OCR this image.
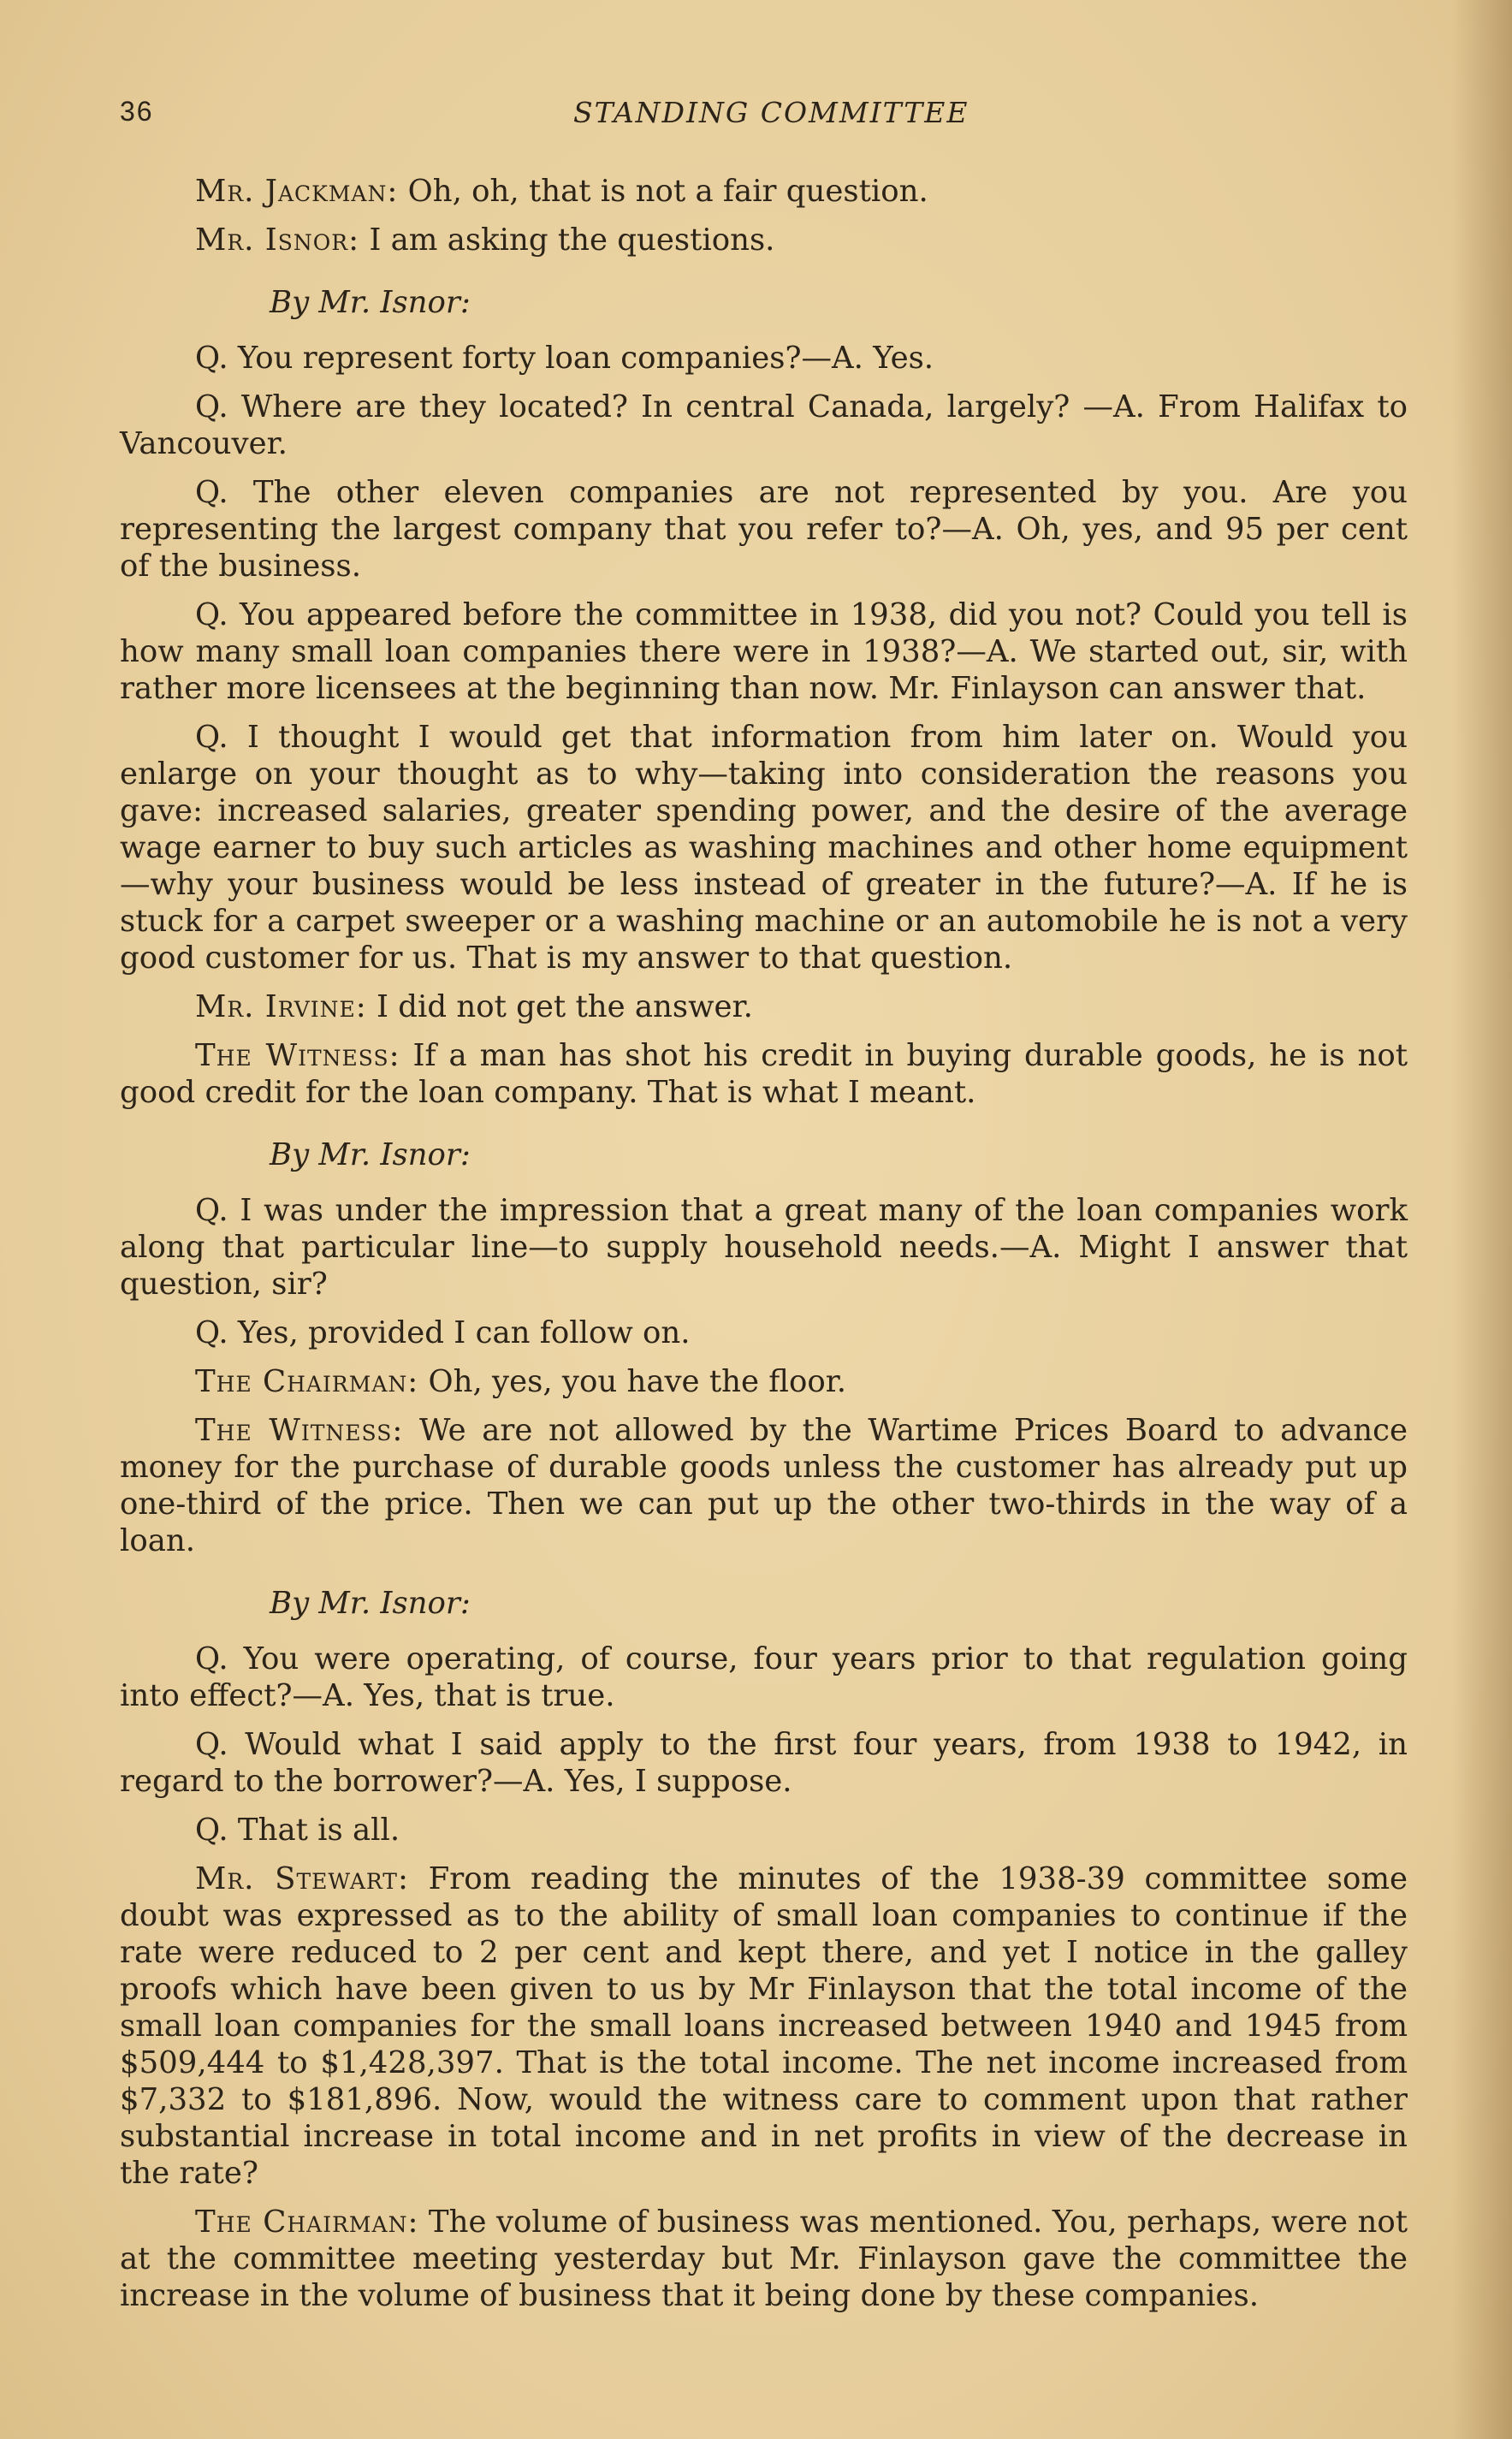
36	STANDING COMMITTEE

Mr. Jackman: Oh, oh, that is not a fair question.

Mr. Isnor: I am asking the questions.

By Mr. Isnor:

Q. You represent forty loan companies?—A. Yes.

Q. Where are they located? In central Canada, largely? —A. From Halifax to Vancouver.

Q. The other eleven companies are not represented by you. Are you representing the largest company that you refer to?—A. Oh, yes, and 95 per cent of the business.

Q. You appeared before the committee in 1938, did you not? Could you tell is how many small loan companies there were in 1938?—A. We started out, sir, with rather more licensees at the beginning than now. Mr. Finlayson can answer that.

Q. I thought I would get that information from him later on. Would you enlarge on your thought as to why—taking into consideration the reasons you gave: increased salaries, greater spending power, and the desire of the average wage earner to buy such articles as washing machines and other home equipment —why your business would be less instead of greater in the future?—A. If he is stuck for a carpet sweeper or a washing machine or an automobile he is not a very good customer for us. That is my answer to that question.

Mr. Irvine: I did not get the answer.

The Witness: If a man has shot his credit in buying durable goods, he is not good credit for the loan company. That is what I meant.

By Mr. Isnor:

Q. I was under the impression that a great many of the loan companies work along that particular line—to supply household needs.—A. Might I answer that question, sir?

Q. Yes, provided I can follow on.

The Chairman: Oh, yes, you have the floor.

The Witness: We are not allowed by the Wartime Prices Board to advance money for the purchase of durable goods unless the customer has already put up one-third of the price. Then we can put up the other two-thirds in the way of a loan.

By Mr. Isnor:

Q. You were operating, of course, four years prior to that regulation going into effect?—A. Yes, that is true.

Q. Would what I said apply to the first four years, from 1938 to 1942, in regard to the borrower?—A. Yes, I suppose.

Q. That is all.

Mr. Stewart: From reading the minutes of the 1938-39 committee some doubt was expressed as to the ability of small loan companies to continue if the rate were reduced to 2 per cent and kept there, and yet I notice in the galley proofs which have been given to us by Mr Finlayson that the total income of the small loan companies for the small loans increased between 1940 and 1945 from $509,444 to $1,428,397. That is the total income. The net income increased from $7,332 to $181,896. Now, would the witness care to comment upon that rather substantial increase in total income and in net profits in view of the decrease in the rate?

The Chairman: The volume of business was mentioned. You, perhaps, were not at the committee meeting yesterday but Mr. Finlayson gave the committee the increase in the volume of business that it being done by these companies.
